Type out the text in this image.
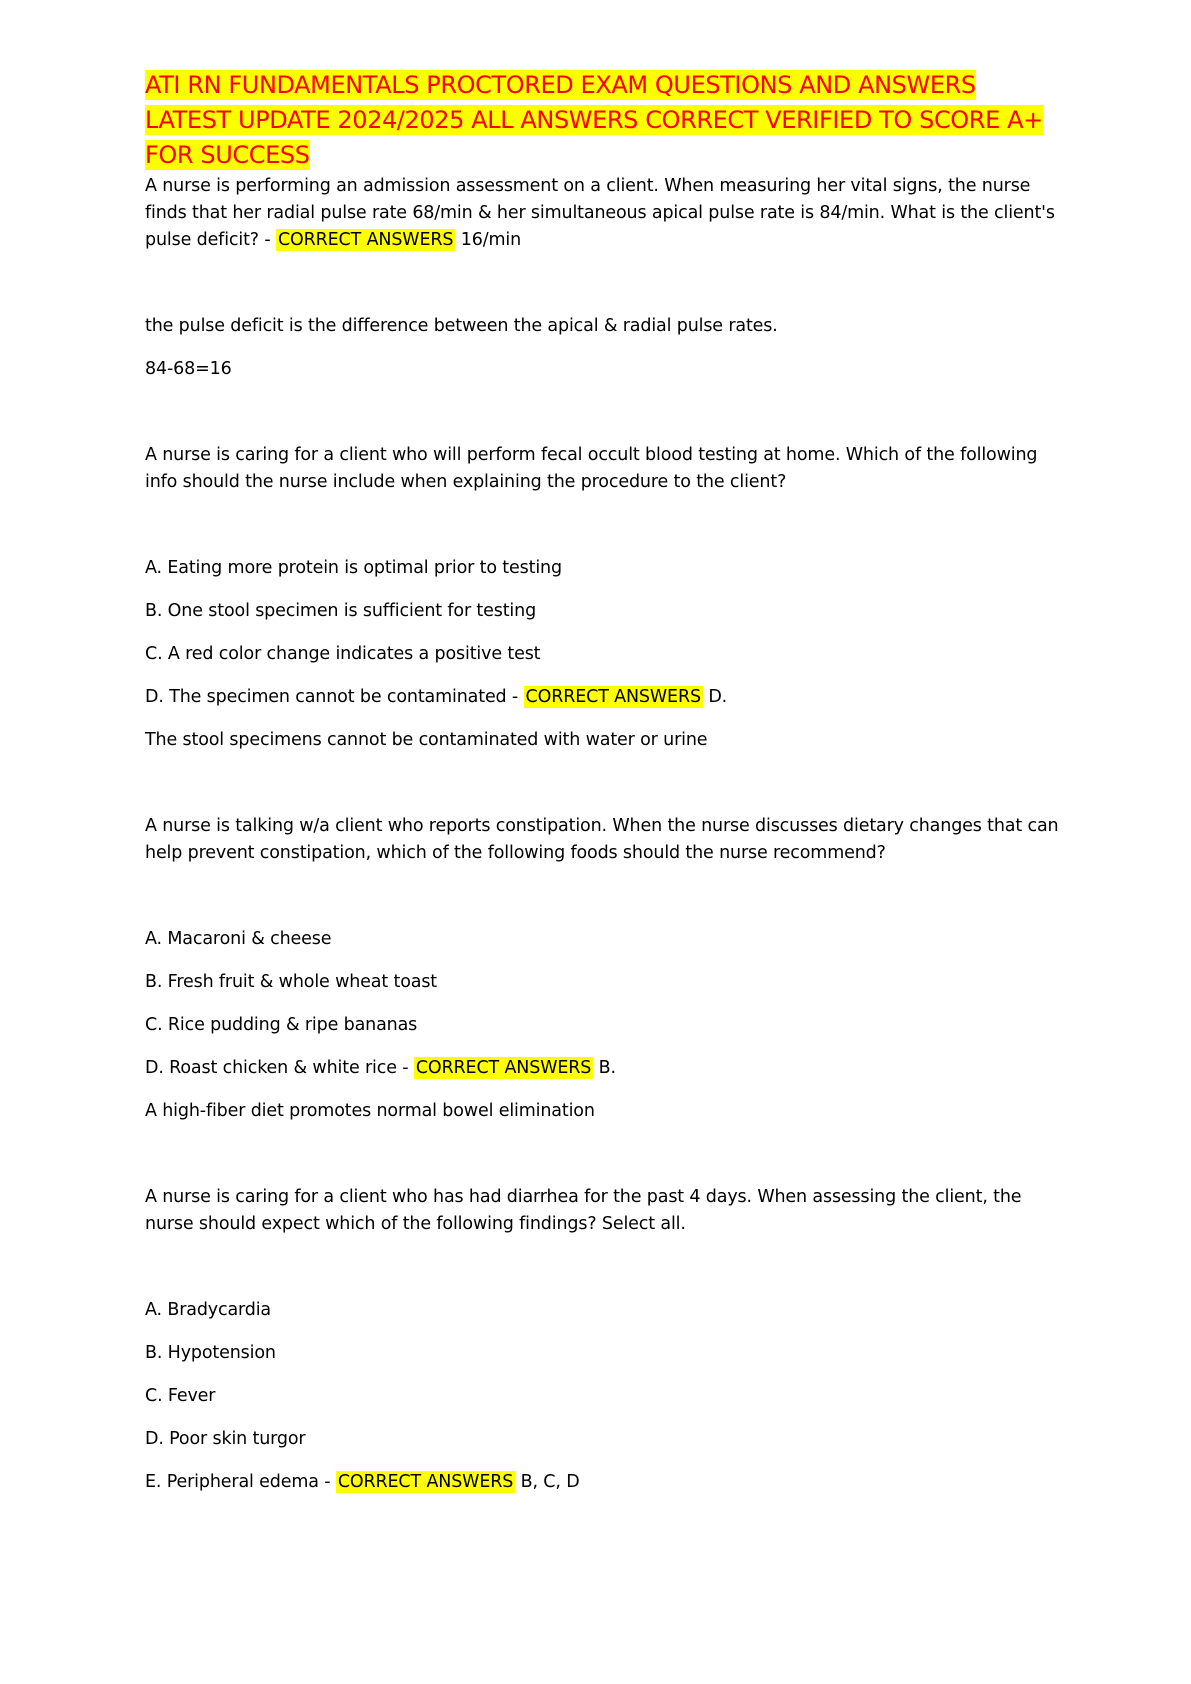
ATI RN FUNDAMENTALS PROCTORED EXAM QUESTIONS AND ANSWERS LATEST UPDATE 2024/2025 ALL ANSWERS CORRECT VERIFIED TO SCORE A+ FOR SUCCESS

A nurse is performing an admission assessment on a client. When measuring her vital signs, the nurse finds that her radial pulse rate 68/min & her simultaneous apical pulse rate is 84/min. What is the client's pulse deficit? - CORRECT ANSWERS 16/min

the pulse deficit is the difference between the apical & radial pulse rates.

84-68=16

A nurse is caring for a client who will perform fecal occult blood testing at home. Which of the following info should the nurse include when explaining the procedure to the client?

A. Eating more protein is optimal prior to testing

B. One stool specimen is sufficient for testing

C. A red color change indicates a positive test

D. The specimen cannot be contaminated - CORRECT ANSWERS D.

The stool specimens cannot be contaminated with water or urine

A nurse is talking w/a client who reports constipation. When the nurse discusses dietary changes that can help prevent constipation, which of the following foods should the nurse recommend?

A. Macaroni & cheese

B. Fresh fruit & whole wheat toast

C. Rice pudding & ripe bananas

D. Roast chicken & white rice - CORRECT ANSWERS B.

A high-fiber diet promotes normal bowel elimination

A nurse is caring for a client who has had diarrhea for the past 4 days. When assessing the client, the nurse should expect which of the following findings? Select all.

A. Bradycardia

B. Hypotension

C. Fever

D. Poor skin turgor

E. Peripheral edema - CORRECT ANSWERS B, C, D
